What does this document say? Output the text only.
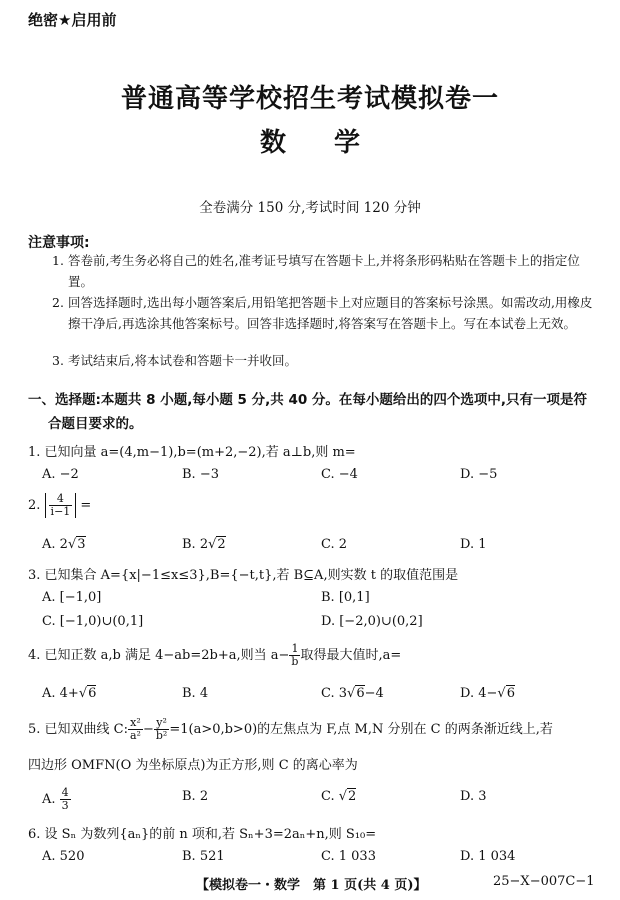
绝密★启用前
普通高等学校招生考试模拟卷一
数学
全卷满分 150 分,考试时间 120 分钟
注意事项:
1. 答卷前,考生务必将自己的姓名,准考证号填写在答题卡上,并将条形码粘贴在答题卡上的指定位置。
2. 回答选择题时,选出每小题答案后,用铅笔把答题卡上对应题目的答案标号涂黑。如需改动,用橡皮擦干净后,再选涂其他答案标号。回答非选择题时,将答案写在答题卡上。写在本试卷上无效。
3. 考试结束后,将本试卷和答题卡一并收回。
一、选择题:本题共 8 小题,每小题 5 分,共 40 分。在每小题给出的四个选项中,只有一项是符
合题目要求的。
1. 已知向量 a=(4,m−1),b=(m+2,−2),若 a⊥b,则 m=
A. −2	B. −3	C. −4	D. −5
2. $\frac{4}{i-1}$ =
A. 2√3	B. 2√2	C. 2	D. 1
3. 已知集合 A={x|−1≤x≤3},B={−t,t},若 B⊆A,则实数 t 的取值范围是
A. [−1,0]	B. [0,1]
C. [−1,0)∪(0,1]	D. [−2,0)∪(0,2]
4. 已知正数 a,b 满足 4−ab=2b+a,则当 $a- \frac{1}{b}$ 取得最大值时,a=
A. 4+√6	B. 4	C. 3√6−4	D. 4−√6
5. 已知双曲线 C: $\frac{\text{x²}}{\text{a²}} - \frac{\text{y²}}{\text{b²}} =1(a>0,b>0)$的左焦点为 F,点 M,N 分别在 C 的两条渐近线上,若
四边形 OMFN(O 为坐标原点)为正方形,则 C 的离心率为
A. $\frac{4}{3}$	B. 2	C. √2	D. 3
6. 设 Sₙ 为数列{aₙ}的前 n 项和,若 Sₙ+3=2aₙ+n,则 S₁₀=
A. 520	B. 521	C. 1 033	D. 1 034
【模拟卷一・数学　第 1 页(共 4 页)】	25−X−007C−1
